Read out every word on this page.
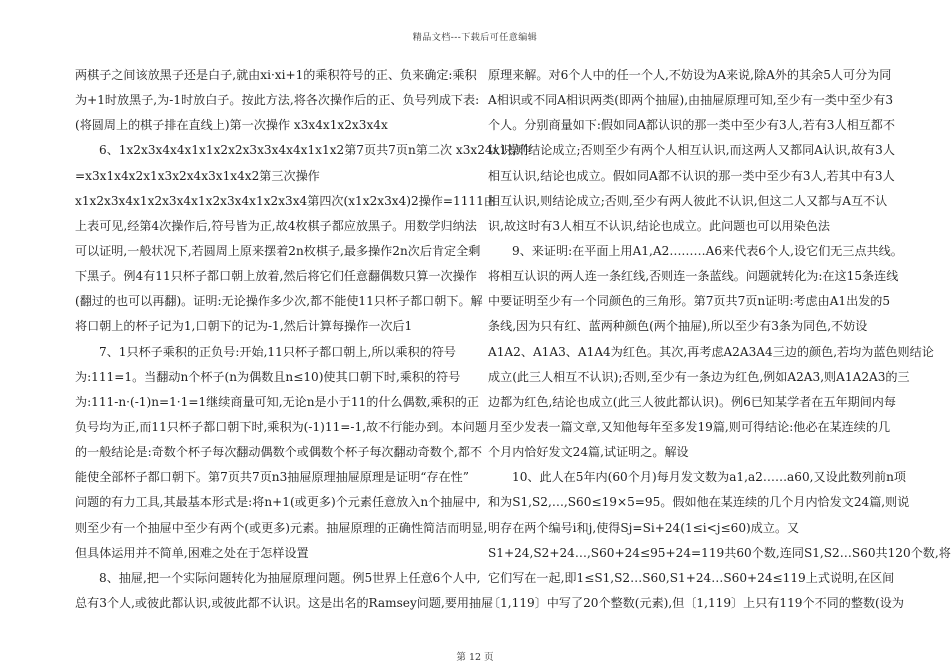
精品文档---下载后可任意编辑
两棋子之间该放黑子还是白子,就由xi·xi+1的乘积符号的正、负来确定:乘积
为+1时放黑子,为-1时放白子。按此方法,将各次操作后的正、负号列成下表:
(将圆周上的棋子排在直线上)第一次操作 x3x4x1x2x3x4x
6、1x2x3x4x4x1x1x2x2x3x3x4x4x1x1x2第7页共7页n第二次 x3x24x1操作
=x3x1x4x2x1x3x2x4x3x1x4x2第三次操作
x1x2x3x4x1x2x3x4x1x2x3x4x1x2x3x4第四次(x1x2x3x4)2操作=1111由
上表可见,经第4次操作后,符号皆为正,故4枚棋子都应放黑子。用数学归纳法
可以证明,一般状况下,若圆周上原来摆着2n枚棋子,最多操作2n次后肯定全剩
下黑子。例4有11只杯子都口朝上放着,然后将它们任意翻偶数只算一次操作
(翻过的也可以再翻)。证明:无论操作多少次,都不能使11只杯子都口朝下。解
将口朝上的杯子记为1,口朝下的记为-1,然后计算每操作一次后1
7、1只杯子乘积的正负号:开始,11只杯子都口朝上,所以乘积的符号
为:111=1。当翻动n个杯子(n为偶数且n≤10)使其口朝下时,乘积的符号
为:111-n·(-1)n=1·1=1继续商量可知,无论n是小于11的什么偶数,乘积的正
负号均为正,而11只杯子都口朝下时,乘积为(-1)11=-1,故不行能办到。本问题
的一般结论是:奇数个杯子每次翻动偶数个或偶数个杯子每次翻动奇数个,都不
能使全部杯子都口朝下。第7页共7页n3抽屉原理抽屉原理是证明“存在性”
问题的有力工具,其最基本形式是:将n+1(或更多)个元素任意放入n个抽屉中,
则至少有一个抽屉中至少有两个(或更多)元素。抽屉原理的正确性简洁而明显,
但具体运用并不简单,困难之处在于怎样设置
8、抽屉,把一个实际问题转化为抽屉原理问题。例5世界上任意6个人中,
总有3个人,或彼此都认识,或彼此都不认识。这是出名的Ramsey问题,要用抽屉
原理来解。对6个人中的任一个人,不妨设为A来说,除A外的其余5人可分为同
A相识或不同A相识两类(即两个抽屉),由抽屉原理可知,至少有一类中至少有3
个人。分别商量如下:假如同A都认识的那一类中至少有3人,若有3人相互都不
认识,则结论成立;否则至少有两个人相互认识,而这两人又都同A认识,故有3人
相互认识,结论也成立。假如同A都不认识的那一类中至少有3人,若其中有3人
相互认识,则结论成立;否则,至少有两人彼此不认识,但这二人又都与A互不认
识,故这时有3人相互不认识,结论也成立。此问题也可以用染色法
9、来证明:在平面上用A1,A2………A6来代表6个人,设它们无三点共线。
将相互认识的两人连一条红线,否则连一条蓝线。问题就转化为:在这15条连线
中要证明至少有一个同颜色的三角形。第7页共7页n证明:考虑由A1出发的5
条线,因为只有红、蓝两种颜色(两个抽屉),所以至少有3条为同色,不妨设
A1A2、A1A3、A1A4为红色。其次,再考虑A2A3A4三边的颜色,若均为蓝色则结论
成立(此三人相互不认识);否则,至少有一条边为红色,例如A2A3,则A1A2A3的三
边都为红色,结论也成立(此三人彼此都认识)。例6已知某学者在五年期间内每
月至少发表一篇文章,又知他每年至多发19篇,则可得结论:他必在某连续的几
个月内恰好发文24篇,试证明之。解设
10、此人在5年内(60个月)每月发文数为a1,a2……a60,又设此数列前n项
和为S1,S2,…,S60≤19×5=95。假如他在某连续的几个月内恰发文24篇,则说
明存在两个编号i和j,使得Sj=Si+24(1≤i<j≤60)成立。又
S1+24,S2+24…,S60+24≤95+24=119共60个数,连同S1,S2…S60共120个数,将
它们写在一起,即1≤S1,S2…S60,S1+24…S60+24≤119上式说明,在区间
〔1,119〕中写了20个整数(元素),但〔1,119〕上只有119个不同的整数(设为
第 12 页
